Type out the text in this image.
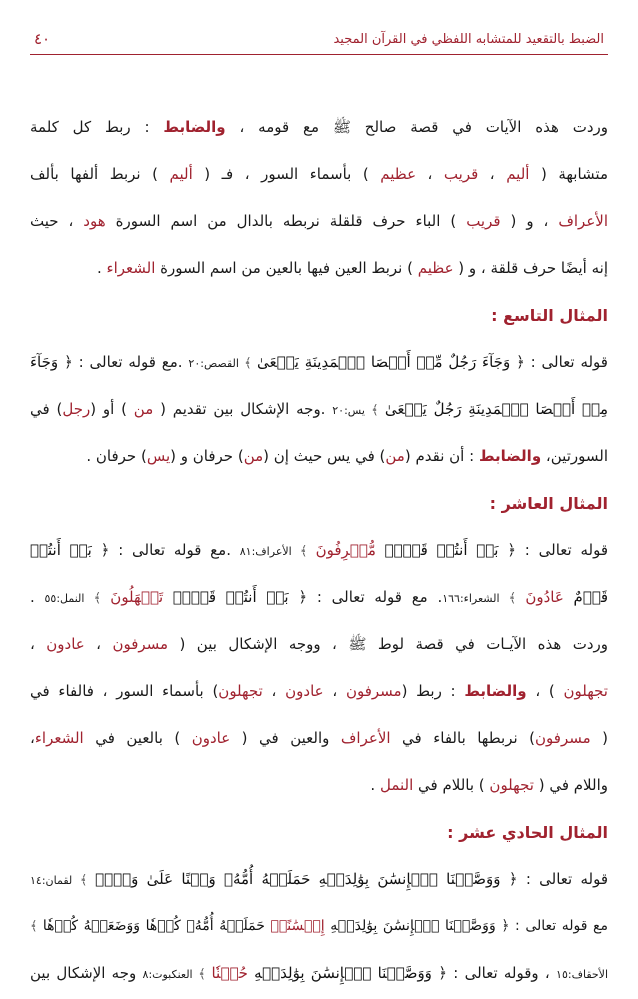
الضبط بالتقعيد للمتشابه اللفظي في القرآن المجيد
٤٠
وردت هذه الآيات في قصة صالح ﷺ مع قومه ، والضابط : ربط كل كلمة
متشابهة ( أليم ، قريب ، عظيم ) بأسماء السور ، فـ ( أليم ) نربط ألفها بألف
الأعراف ، و ( قريب ) الباء حرف قلقلة نربطه بالدال من اسم السورة هود ، حيث
إنه أيضًا حرف قلقة ، و ( عظيم ) نربط العين فيها بالعين من اسم السورة الشعراء .
المثال التاسع :
قوله تعالى : ﴿ وَجَآءَ رَجُلٌ مِّنۡ أَقۡصَا ٱلۡمَدِينَةِ يَسۡعَىٰ ﴾ القصص:٢٠ .مع قوله تعالى : ﴿ وَجَآءَ
مِنۡ أَقۡصَا ٱلۡمَدِينَةِ رَجُلٌ يَسۡعَىٰ ﴾ يس:٢٠ .وجه الإشكال بين تقديم ( من ) أو (رجل) في
السورتين، والضابط : أن نقدم (من) في يس حيث إن (من) حرفان و (يس) حرفان .
المثال العاشر :
قوله تعالى : ﴿ بَلۡ أَنتُمۡ قَوۡمٞ مُّسۡرِفُونَ ﴾ الأعراف:٨١ .مع قوله تعالى : ﴿ بَلۡ أَنتُمۡ
قَوۡمٌ عَادُونَ ﴾ الشعراء:١٦٦. مع قوله تعالى : ﴿ بَلۡ أَنتُمۡ قَوۡمٞ تَجۡهَلُونَ ﴾ النمل:٥٥ .
وردت هذه الآيـات في قصة لوط ﷺ ، ووجه الإشكال بين ( مسرفون ، عادون ،
تجهلون ) ، والضابط : ربط (مسرفون ، عادون ، تجهلون) بأسماء السور ، فالفاء في
( مسرفون) نربطها بالفاء في الأعراف والعين في ( عادون ) بالعين في الشعراء،
واللام في ( تجهلون ) باللام في النمل .
المثال الحادي عشر :
قوله تعالى : ﴿ وَوَصَّيۡنَا ٱلۡإِنسَٰنَ بِوَٰلِدَيۡهِ حَمَلَتۡهُ أُمُّهُۥ وَهۡنًا عَلَىٰ وَهۡنٖ ﴾ لقمان:١٤
مع قوله تعالى : ﴿ وَوَصَّيۡنَا ٱلۡإِنسَٰنَ بِوَٰلِدَيۡهِ إِحۡسَٰنًاۖ حَمَلَتۡهُ أُمُّهُۥ كُرۡهٗا وَوَضَعَتۡهُ كُرۡهٗا ﴾
الأحقاف:١٥ ، وقوله تعالى : ﴿ وَوَصَّيۡنَا ٱلۡإِنسَٰنَ بِوَٰلِدَيۡهِ حُسۡنٗا ﴾ العنكبوت:٨ وجه الإشكال بين
